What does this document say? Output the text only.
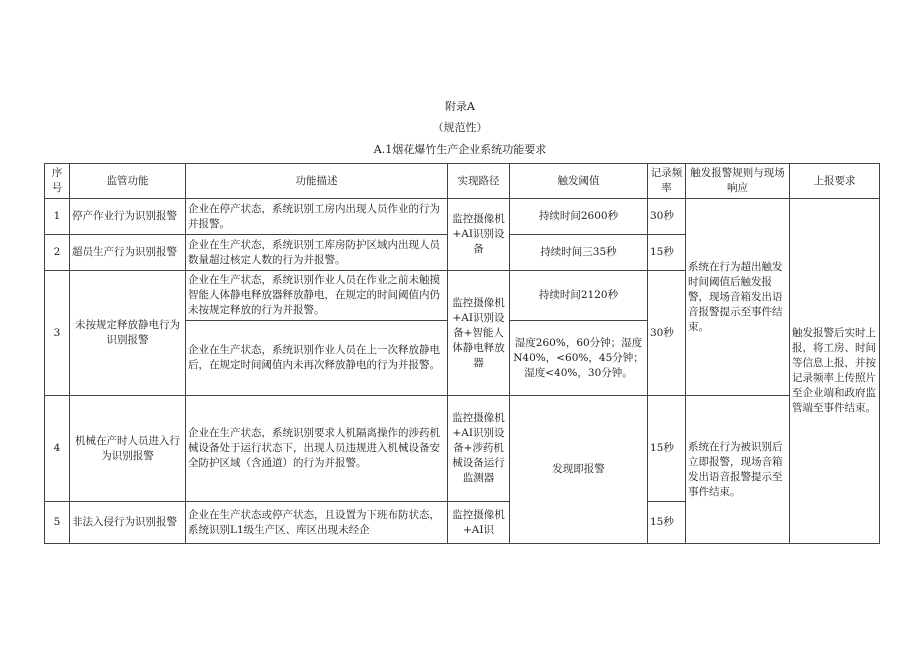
附录A
（规范性）
A.1烟花爆竹生产企业系统功能要求
序号	监管功能	功能描述	实现路径	触发阈值	记录频率	触发报警规则与现场响应	上报要求
1	停产作业行为识别报警	企业在停产状态，系统识别工房内出现人员作业的行为并报警。	监控摄像机+AI识别设备	持续时间2600秒	30秒	系统在行为超出触发时间阈值后触发报警，现场音箱发出语音报警提示至事件结束。	触发报警后实时上报，将工房、时间等信息上报，并按记录频率上传照片至企业端和政府监管端至事件结束。
2	超员生产行为识别报警	企业在生产状态，系统识别工库房防护区域内出现人员数量超过核定人数的行为并报警。		持续时间三35秒	15秒		
3	未按规定释放静电行为识别报警	企业在生产状态，系统识别作业人员在作业之前未触摸智能人体静电释放器释放静电，在规定的时间阈值内仍未按规定释放的行为并报警。	监控摄像机+AI识别设备+智能人体静电释放器	持续时间2120秒	30秒		
		企业在生产状态，系统识别作业人员在上一次释放静电后，在规定时间阈值内未再次释放静电的行为并报警。		湿度260%，60分钟；湿度N40%，<60%，45分钟；湿度<40%，30分钟。			
4	机械在产时人员进入行为识别报警	企业在生产状态，系统识别要求人机隔离操作的涉药机械设备处于运行状态下，出现人员违规进入机械设备安全防护区域（含通道）的行为并报警。	监控摄像机+AI识别设备+涉药机械设备运行监测器	发现即报警	15秒	系统在行为被识别后立即报警，现场音箱发出语音报警提示至事件结束。	
5	非法入侵行为识别报警	企业在生产状态或停产状态，且设置为下班布防状态，系统识别L1级生产区、库区出现未经企	监控摄像机+AI识		15秒		
